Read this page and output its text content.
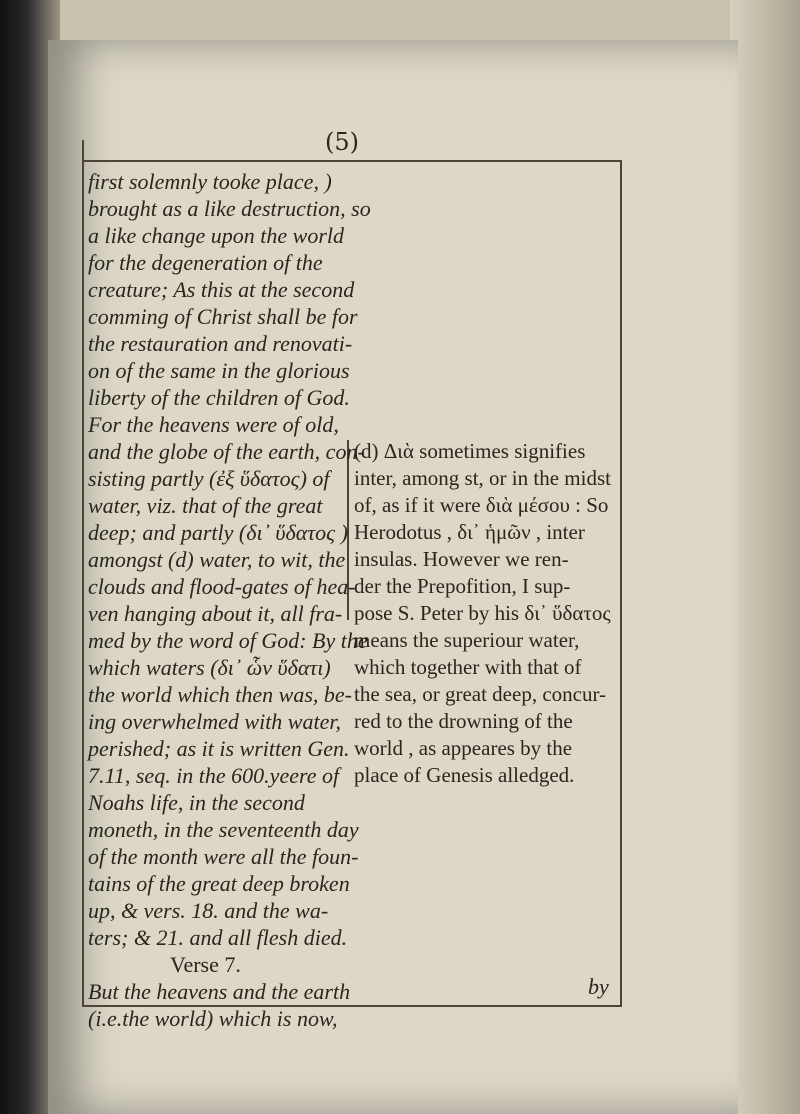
(5)
first solemnly tooke place, )
brought as a like destruction, so
a like change upon the world
for the degeneration of the
creature; As this at the second
comming of Christ shall be for
the restauration and renovati-
on of the same in the glorious
liberty of the children of God.
For the heavens were of old,
and the globe of the earth, con-
sisting partly (ἐξ ὕδατος) of
water, viz. that of the great
deep; and partly (δι᾽ ὕδατος )
amongst (d) water, to wit, the
clouds and flood-gates of hea-
ven hanging about it, all fra-
med by the word of God: By the
which waters (δι᾽ ὧν ὕδατι)
the world which then was, be-
ing overwhelmed with water,
perished; as it is written Gen.
7.11, seq. in the 600.yeere of
Noahs life, in the second
moneth, in the seventeenth day
of the month were all the foun-
tains of the great deep broken
up, & vers. 18. and the wa-
ters; & 21. and all flesh died.
Verse 7.
But the heavens and the earth
(i.e.the world) which is now,
(d) Διὰ sometimes signifies
inter, among st, or in the midst
of, as if it were διὰ μέσου : So
Herodotus , δι᾽ ἡμῶν , inter
insulas. However we ren-
der the Prepofition, I sup-
pose S. Peter by his δι᾽ ὕδατος
means the superiour water,
which together with that of
the sea, or great deep, concur-
red to the drowning of the
world , as appeares by the
place of Genesis alledged.
by
